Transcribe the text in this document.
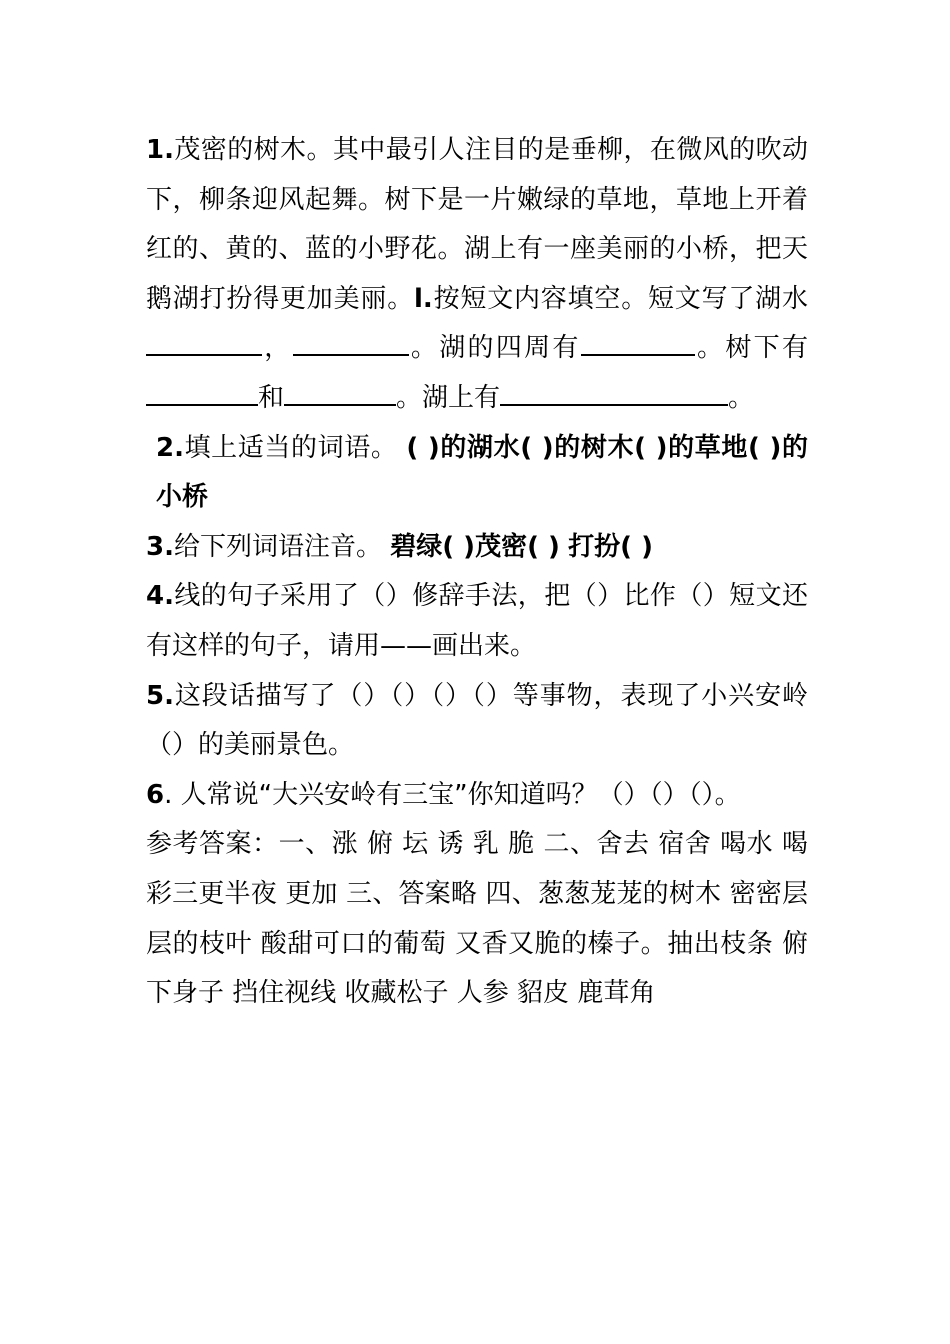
1.茂密的树木。其中最引人注目的是垂柳，在微风的吹动下，柳条迎风起舞。树下是一片嫩绿的草地，草地上开着红的、黄的、蓝的小野花。湖上有一座美丽的小桥，把天鹅湖打扮得更加美丽。l.按短文内容填空。短文写了湖水，	。湖的四周有	。树下有和	。湖上有	。

2.填上适当的词语。 ( )的湖水( )的树木( )的草地( )的小桥

3.给下列词语注音。 碧绿( )茂密( ) 打扮( )

4.线的句子采用了（）修辞手法，把（）比作（）短文还有这样的句子，请用——画出来。

5.这段话描写了（）（）（）（）等事物，表现了小兴安岭（）的美丽景色。

6. 人常说“大兴安岭有三宝”你知道吗？（）（）（）。

参考答案：一、涨 俯 坛 诱 乳 脆 二、舍去 宿舍 喝水 喝彩三更半夜 更加 三、答案略 四、葱葱茏茏的树木 密密层层的枝叶 酸甜可口的葡萄 又香又脆的榛子。抽出枝条 俯下身子 挡住视线 收藏松子 人参 貂皮 鹿茸角
